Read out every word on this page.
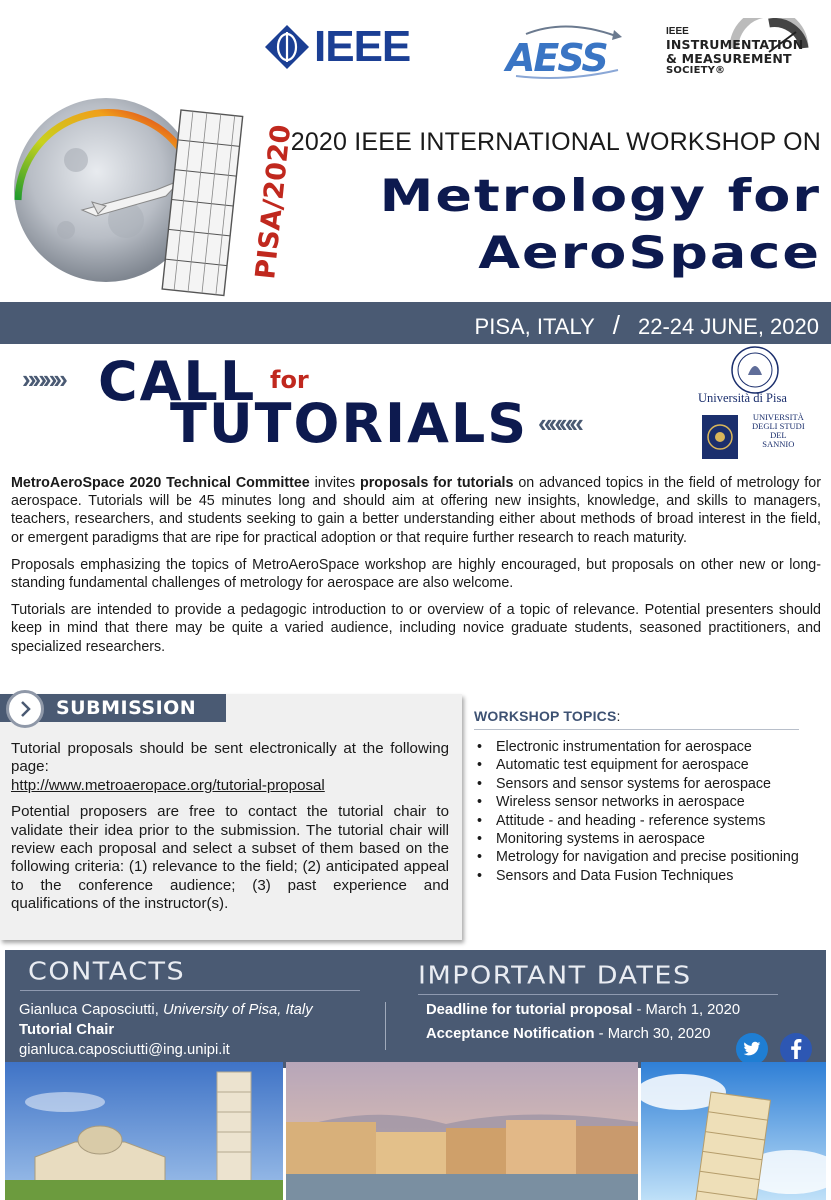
IEEE	AESS
IEEE
INSTRUMENTATION
& MEASUREMENT
SOCIETY®
PISA/2020
2020 IEEE INTERNATIONAL WORKSHOP ON
Metrology for
AeroSpace
PISA, ITALY / 22-24 JUNE, 2020
»»»» CALL for
TUTORIALS ««««
Università di Pisa
UNIVERSITÀ
DEGLI STUDI
DEL
SANNIO

MetroAeroSpace 2020 Technical Committee invites proposals for tutorials on advanced topics in the field of metrology for aerospace. Tutorials will be 45 minutes long and should aim at offering new insights, knowledge, and skills to managers, teachers, researchers, and students seeking to gain a better understanding either about methods of broad interest in the field, or emergent paradigms that are ripe for practical adoption or that require further research to reach maturity.

Proposals emphasizing the topics of MetroAeroSpace workshop are highly encouraged, but proposals on other new or long-standing fundamental challenges of metrology for aerospace are also welcome.

Tutorials are intended to provide a pedagogic introduction to or overview of a topic of relevance. Potential presenters should keep in mind that there may be quite a varied audience, including novice graduate students, seasoned practitioners, and specialized researchers.

SUBMISSION

Tutorial proposals should be sent electronically at the following page:
http://www.metroaeropace.org/tutorial-proposal

Potential proposers are free to contact the tutorial chair to validate their idea prior to the submission. The tutorial chair will review each proposal and select a subset of them based on the following criteria: (1) relevance to the field; (2) anticipated appeal to the conference audience; (3) past experience and qualifications of the instructor(s).

WORKSHOP TOPICS:
• Electronic instrumentation for aerospace
• Automatic test equipment for aerospace
• Sensors and sensor systems for aerospace
• Wireless sensor networks in aerospace
• Attitude - and heading - reference systems
• Monitoring systems in aerospace
• Metrology for navigation and precise positioning
• Sensors and Data Fusion Techniques
CONTACTS
Gianluca Caposciutti, University of Pisa, Italy
Tutorial Chair
gianluca.caposciutti@ing.unipi.it
IMPORTANT DATES
Deadline for tutorial proposal - March 1, 2020
Acceptance Notification - March 30, 2020
